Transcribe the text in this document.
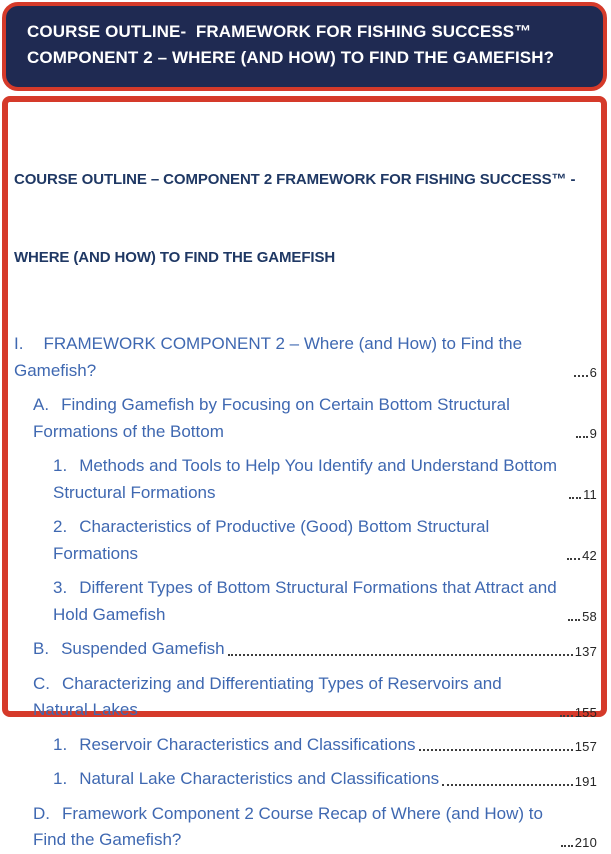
COURSE OUTLINE-  FRAMEWORK FOR FISHING SUCCESS™
COMPONENT 2 – WHERE (AND HOW) TO FIND THE GAMEFISH?

COURSE OUTLINE – COMPONENT 2 FRAMEWORK FOR FISHING SUCCESS™ -

WHERE (AND HOW) TO FIND THE GAMEFISH

I. FRAMEWORK COMPONENT 2 – Where (and How) to Find the Gamefish?	6
A. Finding Gamefish by Focusing on Certain Bottom Structural Formations of the Bottom	9
1. Methods and Tools to Help You Identify and Understand Bottom Structural Formations	11
2. Characteristics of Productive (Good) Bottom Structural Formations	42
3. Different Types of Bottom Structural Formations that Attract and Hold Gamefish	58
B. Suspended Gamefish	137
C. Characterizing and Differentiating Types of Reservoirs and Natural Lakes	155
1. Reservoir Characteristics and Classifications	157
1. Natural Lake Characteristics and Classifications	191
D. Framework Component 2 Course Recap of Where (and How) to Find the Gamefish?	210
